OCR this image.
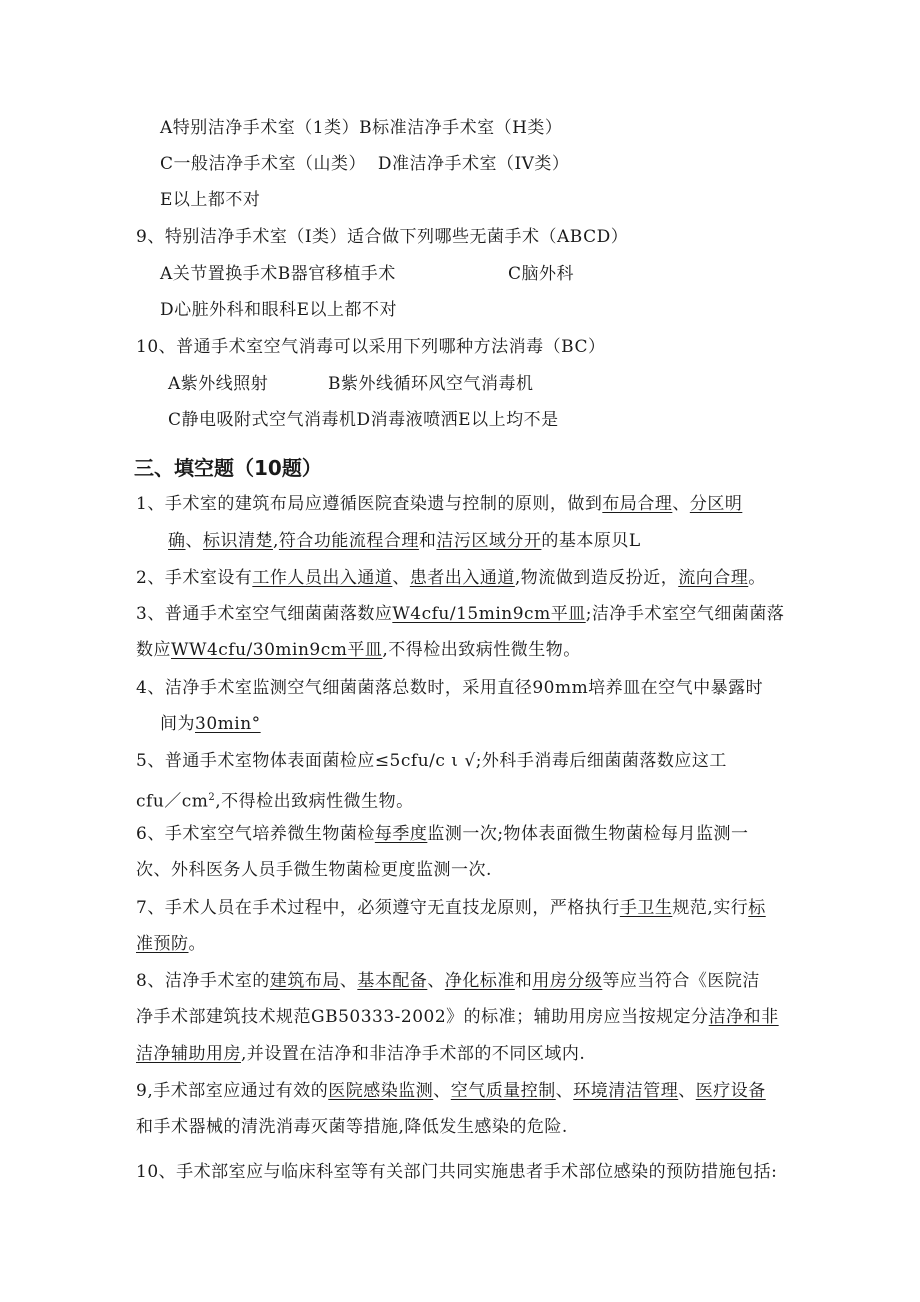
A特别洁净手术室（1类）B标准洁净手术室（H类）
C一般洁净手术室（山类）  D准洁净手术室（IV类）
E以上都不对
9、特别洁净手术室（I类）适合做下列哪些无菌手术（ABCD）
A关节置换手术B器官移植手术	C脑外科
D心脏外科和眼科E以上都不对
10、普通手术室空气消毒可以采用下列哪种方法消毒（BC）
A紫外线照射	B紫外线循环风空气消毒机
C静电吸附式空气消毒机D消毒液喷洒E以上均不是
三、填空题（10题）
1、手术室的建筑布局应遵循医院査染遗与控制的原则，做到布局合理、分区明
确、标识清楚,符合功能流程合理和洁污区域分开的基本原贝L
2、手术室设有工作人员出入通道、患者出入通道,物流做到造反扮近，流向合理。
3、普通手术室空气细菌菌落数应W4cfu/15min9cm平皿;洁净手术室空气细菌菌落
数应WW4cfu/30min9cm平皿,不得检出致病性微生物。
4、洁净手术室监测空气细菌菌落总数时，采用直径90mm培养皿在空气中暴露时
间为30min°
5、普通手术室物体表面菌检应≤5cfu/c ι √;外科手消毒后细菌菌落数应这工
$cfu/cm^2$,不得检出致病性微生物。
6、手术室空气培养微生物菌检每季度监测一次;物体表面微生物菌检每月监测一
次、外科医务人员手微生物菌检更度监测一次.
7、手术人员在手术过程中，必须遵守无直技龙原则，严格执行手卫生规范,实行标
准预防。
8、洁净手术室的建筑布局、基本配备、净化标准和用房分级等应当符合《医院洁
净手术部建筑技术规范GB50333-2002》的标准；辅助用房应当按规定分洁净和非
洁净辅助用房,并设置在洁净和非洁净手术部的不同区域内.
9,手术部室应通过有效的医院感染监测、空气质量控制、环境清洁管理、医疗设备
和手术器械的清洗消毒灭菌等措施,降低发生感染的危险.
10、手术部室应与临床科室等有关部门共同实施患者手术部位感染的预防措施包括:
